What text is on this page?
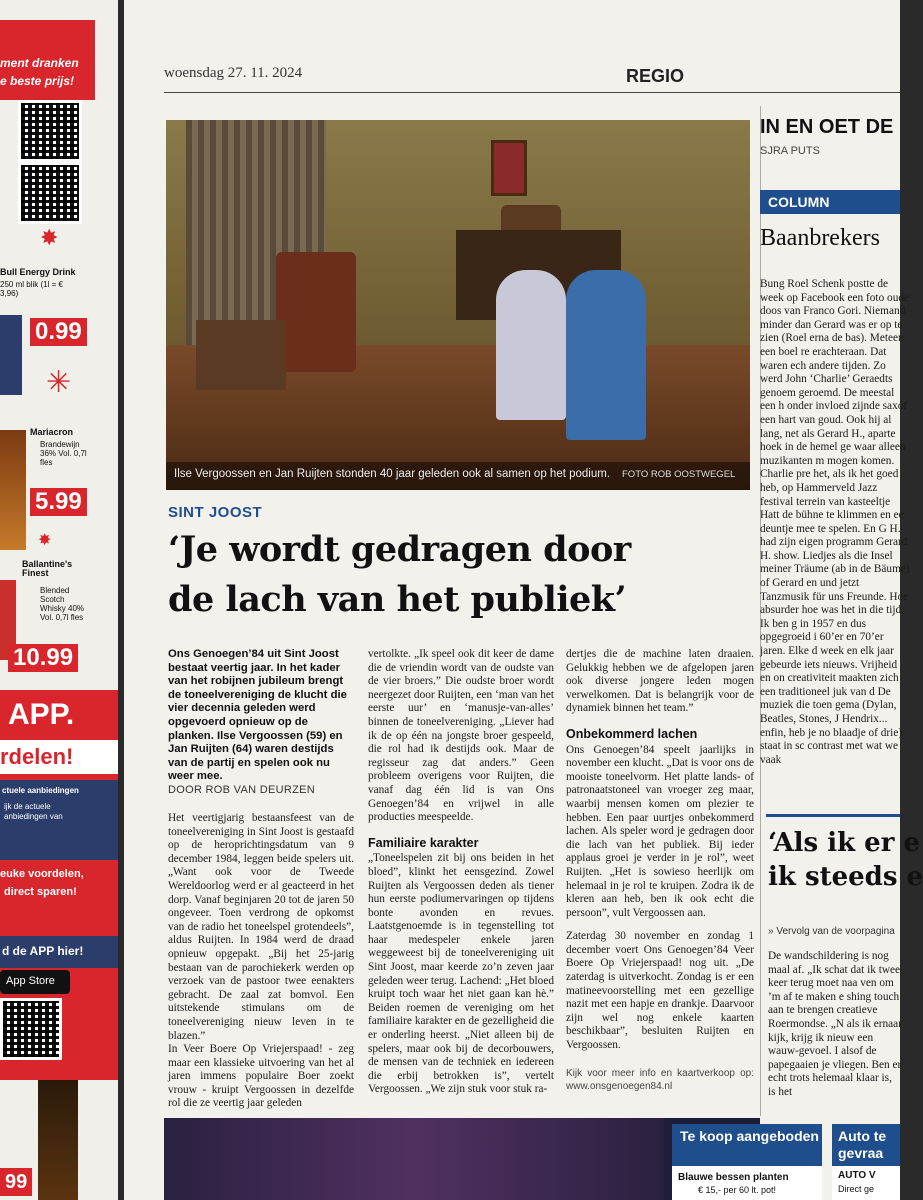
ment dranken
e beste prijs!
✸
Bull Energy Drink
250 ml blik (1l = € 3,96)
0.99
✳
Mariacron
Brandewijn 36% Vol. 0,7l fles
5.99
✸
Ballantine's Finest
Blended Scotch Whisky 40% Vol. 0,7l fles
10.99
APP.
rdelen!
ctuele aanbiedingen
ijk de actuele
anbiedingen van
euke voordelen,
direct sparen!
d de APP hier!
App Store
99
woensdag 27. 11. 2024	REGIO
Ilse Vergoossen en Jan Ruijten stonden 40 jaar geleden ook al samen op het podium. FOTO ROB OOSTWEGEL
SINT JOOST
‘Je wordt gedragen door
de lach van het publiek’
Ons Genoegen’84 uit Sint Joost bestaat veertig jaar. In het kader van het robijnen jubileum brengt de toneelvereniging de klucht die vier decennia geleden werd opgevoerd opnieuw op de planken. Ilse Vergoossen (59) en Jan Ruijten (64) waren destijds van de partij en spelen ook nu weer mee.
DOOR ROB VAN DEURZEN

Het veertigjarig bestaansfeest van de toneelvereniging in Sint Joost is gestaafd op de heroprichtingsdatum van 9 december 1984, leggen beide spelers uit. „Want ook voor de Tweede Wereldoorlog werd er al geacteerd in het dorp. Vanaf beginjaren 20 tot de jaren 50 ongeveer. Toen verdrong de opkomst van de radio het toneelspel grotendeels”, aldus Ruijten. In 1984 werd de draad opnieuw opgepakt. „Bij het 25-jarig bestaan van de parochiekerk werden op verzoek van de pastoor twee eenakters gebracht. De zaal zat bomvol. Een uitstekende stimulans om de toneelvereniging nieuw leven in te blazen.”

In Veer Boere Op Vriejerspaad! - zeg maar een klassieke uitvoering van het al jaren immens populaire Boer zoekt vrouw - kruipt Vergoossen in dezelfde rol die ze veertig jaar geleden

vertolkte. „Ik speel ook dit keer de dame die de vriendin wordt van de oudste van de vier broers.” Die oudste broer wordt neergezet door Ruijten, een ‘man van het eerste uur’ en ‘manusje-van-alles’ binnen de toneelvereniging. „Liever had ik de op één na jongste broer gespeeld, die rol had ik destijds ook. Maar de regisseur zag dat anders.” Geen probleem overigens voor Ruijten, die vanaf dag één lid is van Ons Genoegen’84 en vrijwel in alle producties meespeelde.

Familiaire karakter

„Toneelspelen zit bij ons beiden in het bloed”, klinkt het eensgezind. Zowel Ruijten als Vergoossen deden als tiener hun eerste podiumervaringen op tijdens bonte avonden en revues. Laatstgenoemde is in tegenstelling tot haar medespeler enkele jaren weggeweest bij de toneelvereniging uit Sint Joost, maar keerde zo’n zeven jaar geleden weer terug. Lachend: „Het bloed kruipt toch waar het niet gaan kan hè.” Beiden roemen de vereniging om het familiaire karakter en de gezelligheid die er onderling heerst. „Niet alleen bij de spelers, maar ook bij de decorbouwers, de mensen van de techniek en iedereen die erbij betrokken is”, vertelt Vergoossen. „We zijn stuk voor stuk ra-

dertjes die de machine laten draaien. Gelukkig hebben we de afgelopen jaren ook diverse jongere leden mogen verwelkomen. Dat is belangrijk voor de dynamiek binnen het team.”

Onbekommerd lachen

Ons Genoegen’84 speelt jaarlijks in november een klucht. „Dat is voor ons de mooiste toneelvorm. Het platte lands- of patronaatstoneel van vroeger zeg maar, waarbij mensen komen om plezier te hebben. Een paar uurtjes onbekommerd lachen. Als speler word je gedragen door die lach van het publiek. Bij ieder applaus groei je verder in je rol”, weet Ruijten. „Het is sowieso heerlijk om helemaal in je rol te kruipen. Zodra ik de kleren aan heb, ben ik ook echt die persoon”, vult Vergoossen aan.

Zaterdag 30 november en zondag 1 december voert Ons Genoegen’84 Veer Boere Op Vriejerspaad! nog uit. „De zaterdag is uitverkocht. Zondag is er een matineevoorstelling met een gezellige nazit met een hapje en drankje. Daarvoor zijn wel nog enkele kaarten beschikbaar”, besluiten Ruijten en Vergoossen.

Kijk voor meer info en kaartverkoop op: www.onsgenoegen84.nl

IN EN OET DE
SJRA PUTS
COLUMN
Baanbrekers
Bung Roel Schenk postte de week op Facebook een foto oude doos van Franco Gori. Niemand minder dan Gerard was er op te zien (Roel erna de bas). Meteen een boel re erachteraan. Dat waren ech andere tijden. Zo werd John ‘Charlie’ Geraedts genoem geroemd. De meestal een h onder invloed zijnde saxof een hart van goud. Ook hij al lang, net als Gerard H., aparte hoek in de hemel ge waar alleen muzikanten m mogen komen. Charlie pre het, als ik het goed heb, op Hammerveld Jazz festival terrein van kasteeltje Hatt de bühne te klimmen en ee deuntje mee te spelen. En G H. had zijn eigen programm Gerard H. show. Liedjes als die Insel meiner Träume (ab in de Bäume) of Gerard en und jetzt Tanzmusik für uns Freunde. Hoe absurder hoe was het in die tijd. Ik ben g in 1957 en dus opgegroeid i 60’er en 70’er jaren. Elke d week en elk jaar gebeurde iets nieuws. Vrijheid en on creativiteit maakten zich een traditioneel juk van d De muziek die toen gema (Dylan, Beatles, Stones, J Hendrix... enfin, heb je no blaadje of drie) staat in sc contrast met wat we vaak
‘Als ik er e
ik steeds e
» Vervolg van de voorpagina
De wandschildering is nog maal af. „Ik schat dat ik twee keer terug moet naa ven om ’m af te maken e shing touch aan te brengen creatieve Roermondse. „N als ik ernaar kijk, krijg ik nieuw een wauw-gevoel. I alsof de papegaaien je vliegen. Ben er echt trots helemaal klaar is, is het
Te koop aangeboden
Blauwe bessen planten
€ 15,- per 60 lt. pot!
Auto te gevraa
AUTO V
Direct ge
